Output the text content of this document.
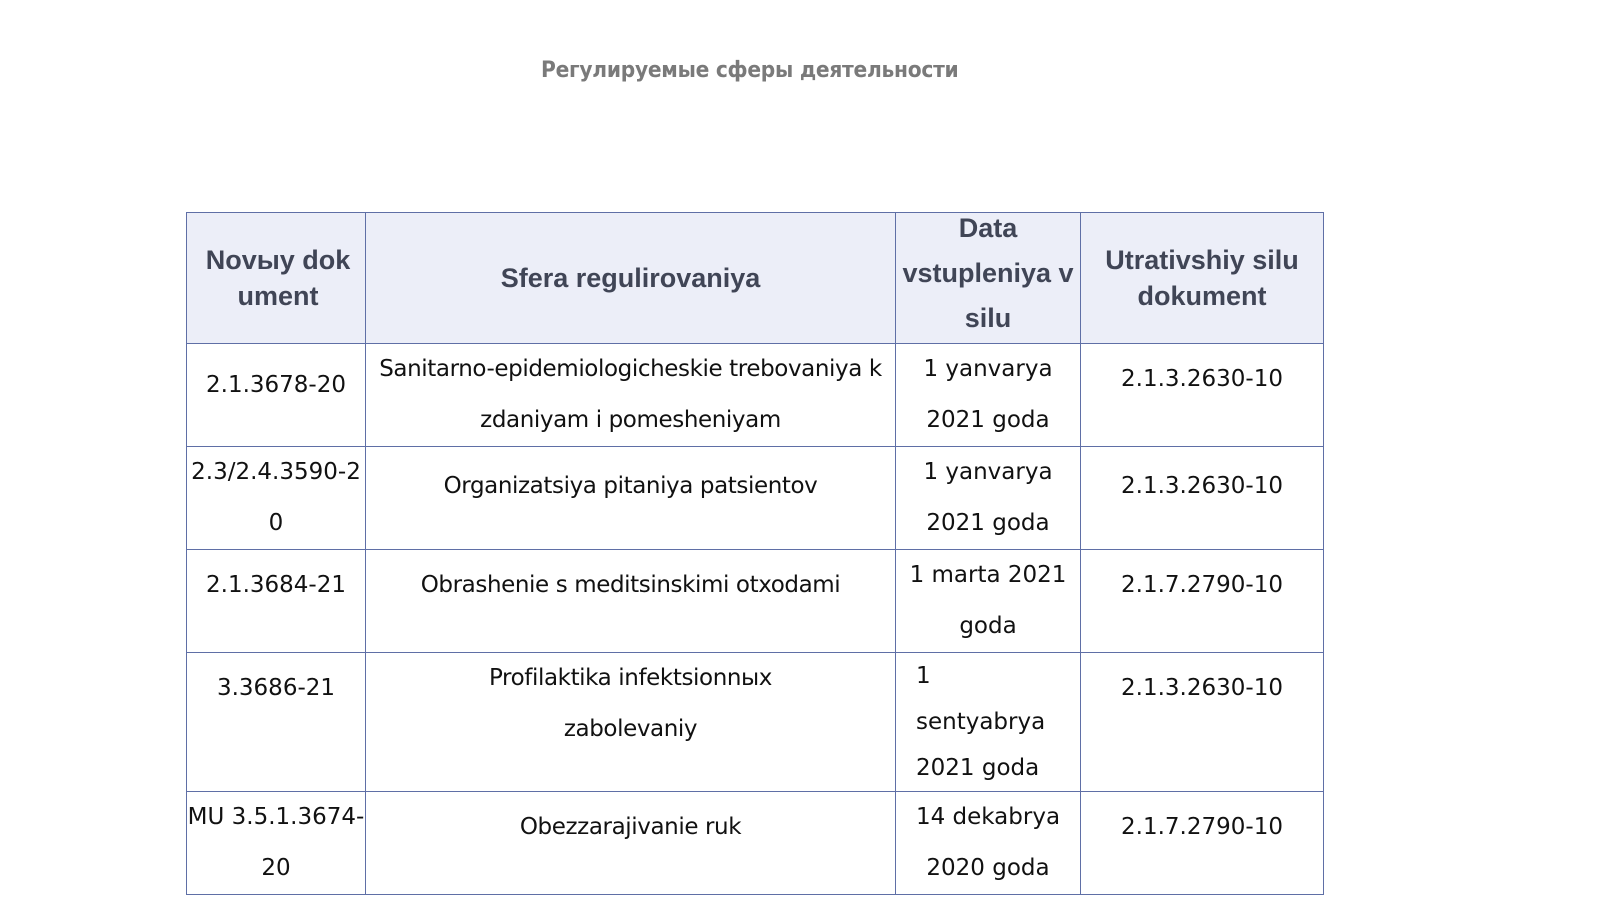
Регулируемые сферы деятельности
Novыy dokument	Sfera regulirovaniya	Data vstupleniya v silu	Utrativshiy silu dokument

2.1.3678-20	Sanitarno-epidemiologicheskie trebovaniya k zdaniyam i pomesheniyam	1 yanvarya 2021 goda	2.1.3.2630-10

2.3/2.4.3590-20	Organizatsiya pitaniya patsientov	1 yanvarya 2021 goda	2.1.3.2630-10

2.1.3684-21	Obrashenie s meditsinskimi otxodami	1 marta 2021 goda	2.1.7.2790-10

3.3686-21	Profilaktika infektsionnыx zabolevaniy	1 sentyabrya 2021 goda	2.1.3.2630-10

MU 3.5.1.3674-20	Obezzarajivanie ruk	14 dekabrya 2020 goda	2.1.7.2790-10
